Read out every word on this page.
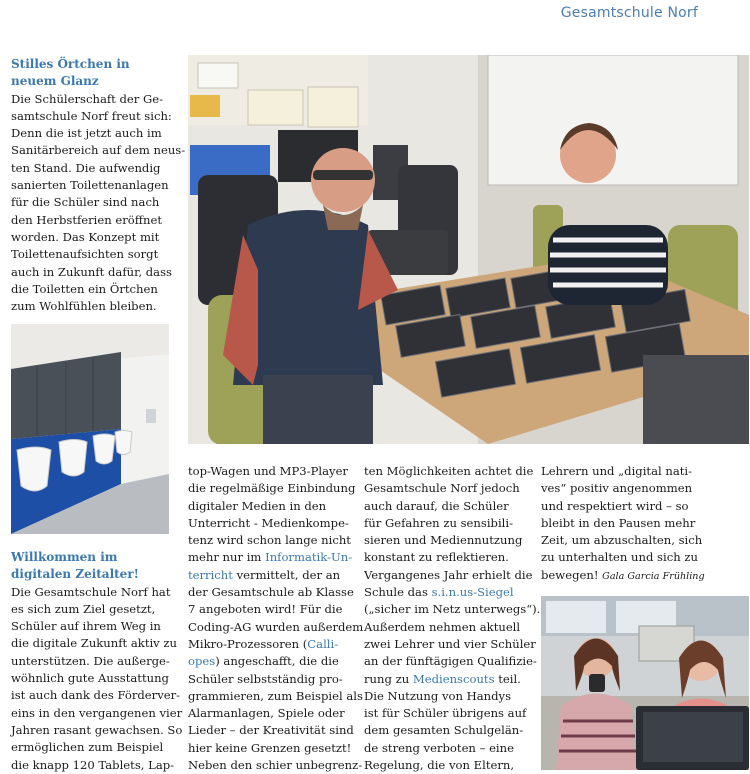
Gesamtschule Norf
Stilles Örtchen in
neuem Glanz
Die Schülerschaft der Ge-
samtschule Norf freut sich:
Denn die ist jetzt auch im
Sanitärbereich auf dem neus-
ten Stand. Die aufwendig
sanierten Toilettenanlagen
für die Schüler sind nach
den Herbstferien eröffnet
worden. Das Konzept mit
Toilettenaufsichten sorgt
auch in Zukunft dafür, dass
die Toiletten ein Örtchen
zum Wohlfühlen bleiben.
Willkommen im
digitalen Zeitalter!
Die Gesamtschule Norf hat
es sich zum Ziel gesetzt,
Schüler auf ihrem Weg in
die digitale Zukunft aktiv zu
unterstützen. Die außerge-
wöhnlich gute Ausstattung
ist auch dank des Förderver-
eins in den vergangenen vier
Jahren rasant gewachsen. So
ermöglichen zum Beispiel
die knapp 120 Tablets, Lap-
top-Wagen und MP3-Player
die regelmäßige Einbindung
digitaler Medien in den
Unterricht - Medienkompe-
tenz wird schon lange nicht
mehr nur im Informatik-Un-
terricht vermittelt, der an
der Gesamtschule ab Klasse
7 angeboten wird! Für die
Coding-AG wurden außerdem
Mikro-Prozessoren (Calli-
opes) angeschafft, die die
Schüler selbstständig pro-
grammieren, zum Beispiel als
Alarmanlagen, Spiele oder
Lieder – der Kreativität sind
hier keine Grenzen gesetzt!
Neben den schier unbegrenz-
ten Möglichkeiten achtet die
Gesamtschule Norf jedoch
auch darauf, die Schüler
für Gefahren zu sensibili-
sieren und Mediennutzung
konstant zu reflektieren.
Vergangenes Jahr erhielt die
Schule das s.i.n.us-Siegel
(„sicher im Netz unterwegs“).
Außerdem nehmen aktuell
zwei Lehrer und vier Schüler
an der fünftägigen Qualifizie-
rung zu Medienscouts teil.
Die Nutzung von Handys
ist für Schüler übrigens auf
dem gesamten Schulgelän-
de streng verboten – eine
Regelung, die von Eltern,
Lehrern und „digital nati-
ves“ positiv angenommen
und respektiert wird – so
bleibt in den Pausen mehr
Zeit, um abzuschalten, sich
zu unterhalten und sich zu
bewegen! Gala Garcia Frühling
